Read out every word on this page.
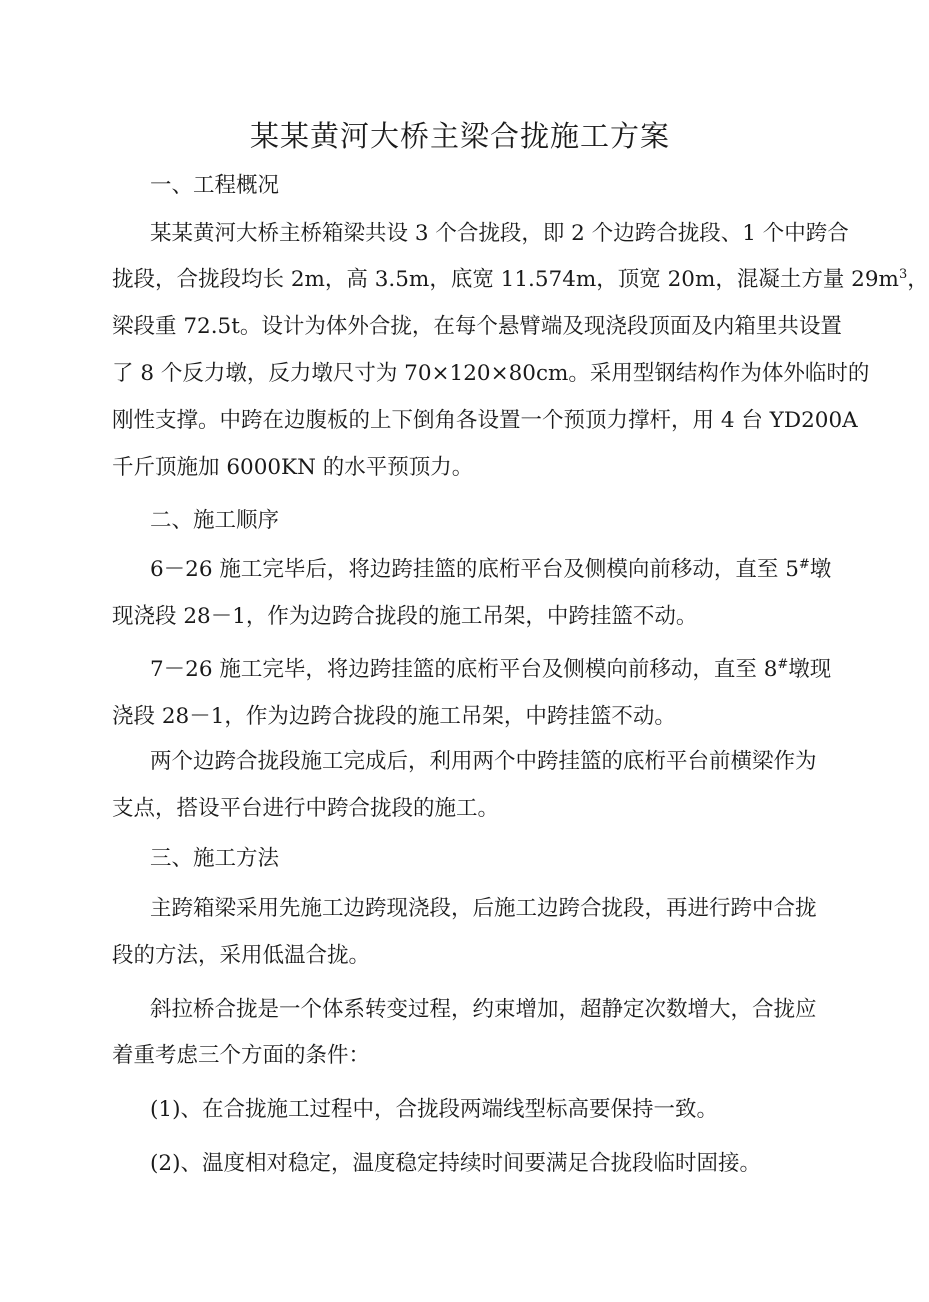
某某黄河大桥主梁合拢施工方案
一、工程概况
某某黄河大桥主桥箱梁共设 3 个合拢段，即 2 个边跨合拢段、1 个中跨合
拢段，合拢段均长 2m，高 3.5m，底宽 11.574m，顶宽 20m，混凝土方量 $29m^3$，
梁段重 72.5t。设计为体外合拢，在每个悬臂端及现浇段顶面及内箱里共设置
了 8 个反力墩，反力墩尺寸为 70×120×80cm。采用型钢结构作为体外临时的
刚性支撑。中跨在边腹板的上下倒角各设置一个预顶力撑杆，用 4 台 YD200A
千斤顶施加 6000KN 的水平预顶力。
二、施工顺序
6－26 施工完毕后，将边跨挂篮的底桁平台及侧模向前移动，直至 5#墩
现浇段 28－1，作为边跨合拢段的施工吊架，中跨挂篮不动。
7－26 施工完毕，将边跨挂篮的底桁平台及侧模向前移动，直至 8#墩现
浇段 28－1，作为边跨合拢段的施工吊架，中跨挂篮不动。
两个边跨合拢段施工完成后，利用两个中跨挂篮的底桁平台前横梁作为
支点，搭设平台进行中跨合拢段的施工。
三、施工方法
主跨箱梁采用先施工边跨现浇段，后施工边跨合拢段，再进行跨中合拢
段的方法，采用低温合拢。
斜拉桥合拢是一个体系转变过程，约束增加，超静定次数增大，合拢应
着重考虑三个方面的条件：
(1)、在合拢施工过程中，合拢段两端线型标高要保持一致。
(2)、温度相对稳定，温度稳定持续时间要满足合拢段临时固接。
